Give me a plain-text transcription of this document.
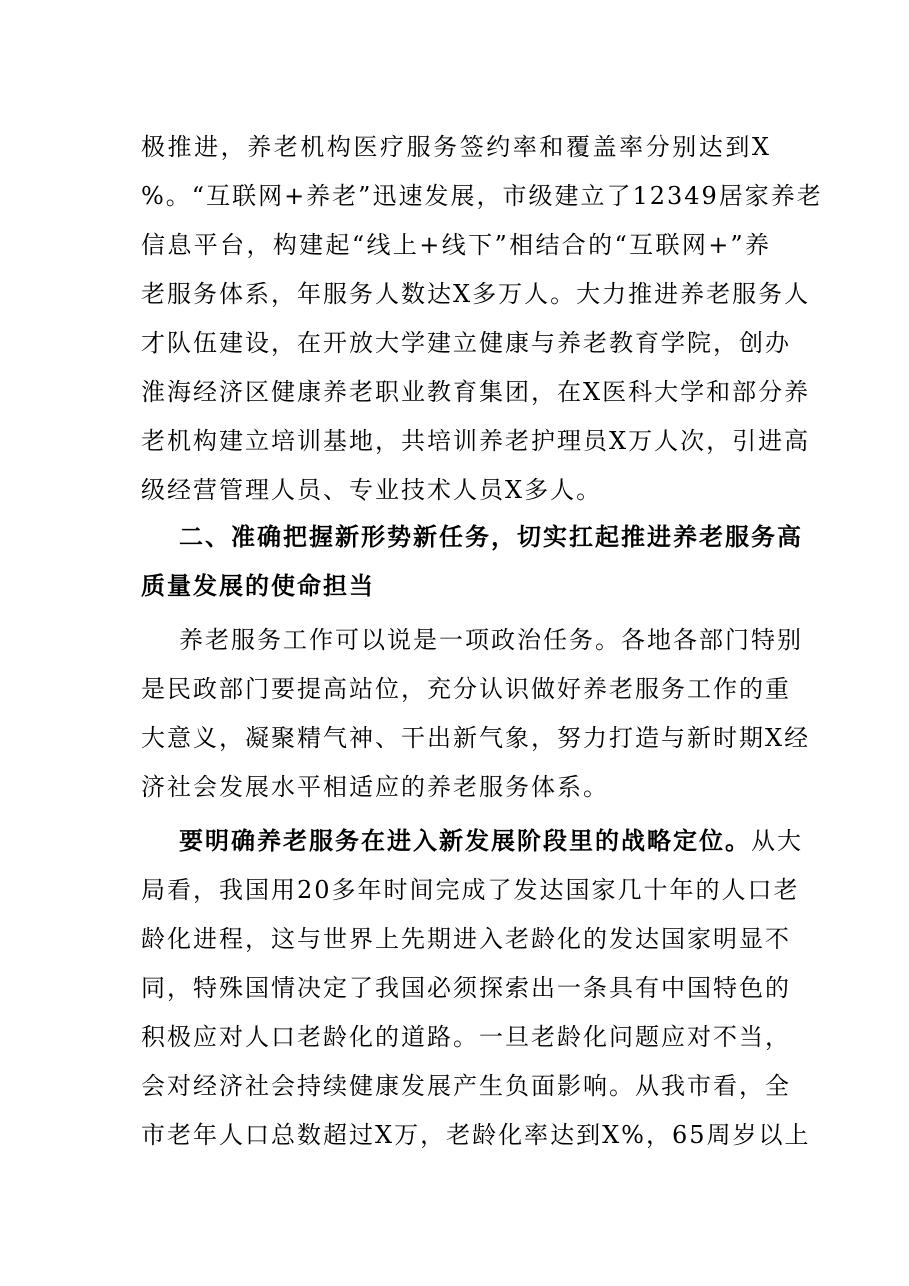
极推进，养老机构医疗服务签约率和覆盖率分别达到X
%。“互联网+养老”迅速发展，市级建立了12349居家养老
信息平台，构建起“线上+线下”相结合的“互联网+”养
老服务体系，年服务人数达X多万人。大力推进养老服务人
才队伍建设，在开放大学建立健康与养老教育学院，创办
淮海经济区健康养老职业教育集团，在X医科大学和部分养
老机构建立培训基地，共培训养老护理员X万人次，引进高
级经营管理人员、专业技术人员X多人。
二、准确把握新形势新任务，切实扛起推进养老服务高
质量发展的使命担当
养老服务工作可以说是一项政治任务。各地各部门特别
是民政部门要提高站位，充分认识做好养老服务工作的重
大意义，凝聚精气神、干出新气象，努力打造与新时期X经
济社会发展水平相适应的养老服务体系。
要明确养老服务在进入新发展阶段里的战略定位。从大
局看，我国用20多年时间完成了发达国家几十年的人口老
龄化进程，这与世界上先期进入老龄化的发达国家明显不
同，特殊国情决定了我国必须探索出一条具有中国特色的
积极应对人口老龄化的道路。一旦老龄化问题应对不当，
会对经济社会持续健康发展产生负面影响。从我市看，全
市老年人口总数超过X万，老龄化率达到X%，65周岁以上
